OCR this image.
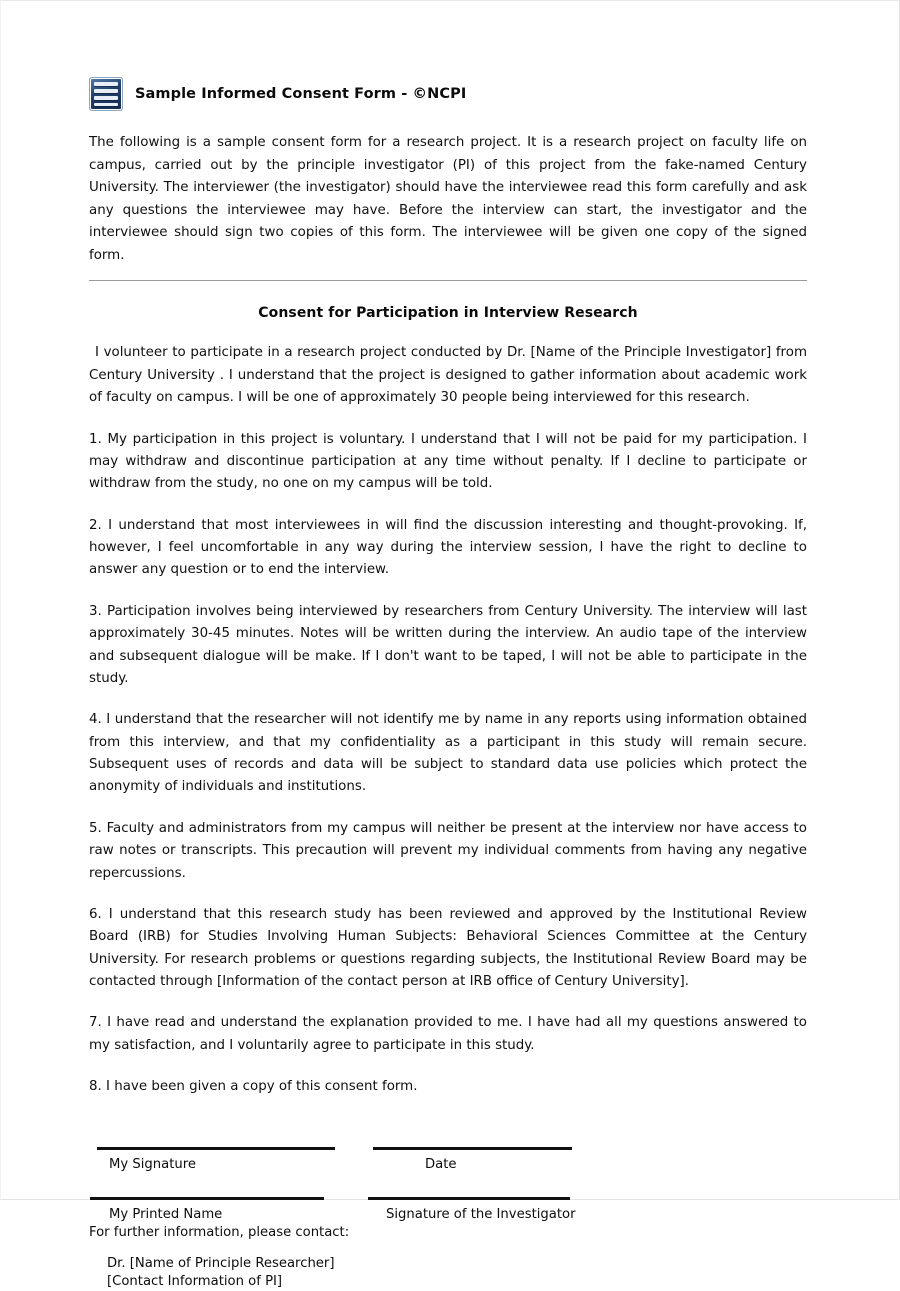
Sample Informed Consent Form - ©NCPI

The following is a sample consent form for a research project. It is a research project on faculty life on campus, carried out by the principle investigator (PI) of this project from the fake-named Century University. The interviewer (the investigator) should have the interviewee read this form carefully and ask any questions the interviewee may have. Before the interview can start, the investigator and the interviewee should sign two copies of this form. The interviewee will be given one copy of the signed form.

Consent for Participation in Interview Research

I volunteer to participate in a research project conducted by Dr. [Name of the Principle Investigator] from Century University . I understand that the project is designed to gather information about academic work of faculty on campus. I will be one of approximately 30 people being interviewed for this research.

1. My participation in this project is voluntary. I understand that I will not be paid for my participation. I may withdraw and discontinue participation at any time without penalty. If I decline to participate or withdraw from the study, no one on my campus will be told.

2. I understand that most interviewees in will find the discussion interesting and thought-provoking. If, however, I feel uncomfortable in any way during the interview session, I have the right to decline to answer any question or to end the interview.

3. Participation involves being interviewed by researchers from Century University. The interview will last approximately 30-45 minutes. Notes will be written during the interview. An audio tape of the interview and subsequent dialogue will be make. If I don't want to be taped, I will not be able to participate in the study.

4. I understand that the researcher will not identify me by name in any reports using information obtained from this interview, and that my confidentiality as a participant in this study will remain secure. Subsequent uses of records and data will be subject to standard data use policies which protect the anonymity of individuals and institutions.

5. Faculty and administrators from my campus will neither be present at the interview nor have access to raw notes or transcripts. This precaution will prevent my individual comments from having any negative repercussions.

6. I understand that this research study has been reviewed and approved by the Institutional Review Board (IRB) for Studies Involving Human Subjects: Behavioral Sciences Committee at the Century University. For research problems or questions regarding subjects, the Institutional Review Board may be contacted through [Information of the contact person at IRB office of Century University].

7. I have read and understand the explanation provided to me. I have had all my questions answered to my satisfaction, and I voluntarily agree to participate in this study.

8. I have been given a copy of this consent form.

My Signature	Date
My Printed Name	Signature of the Investigator
For further information, please contact:
Dr. [Name of Principle Researcher]
[Contact Information of PI]
